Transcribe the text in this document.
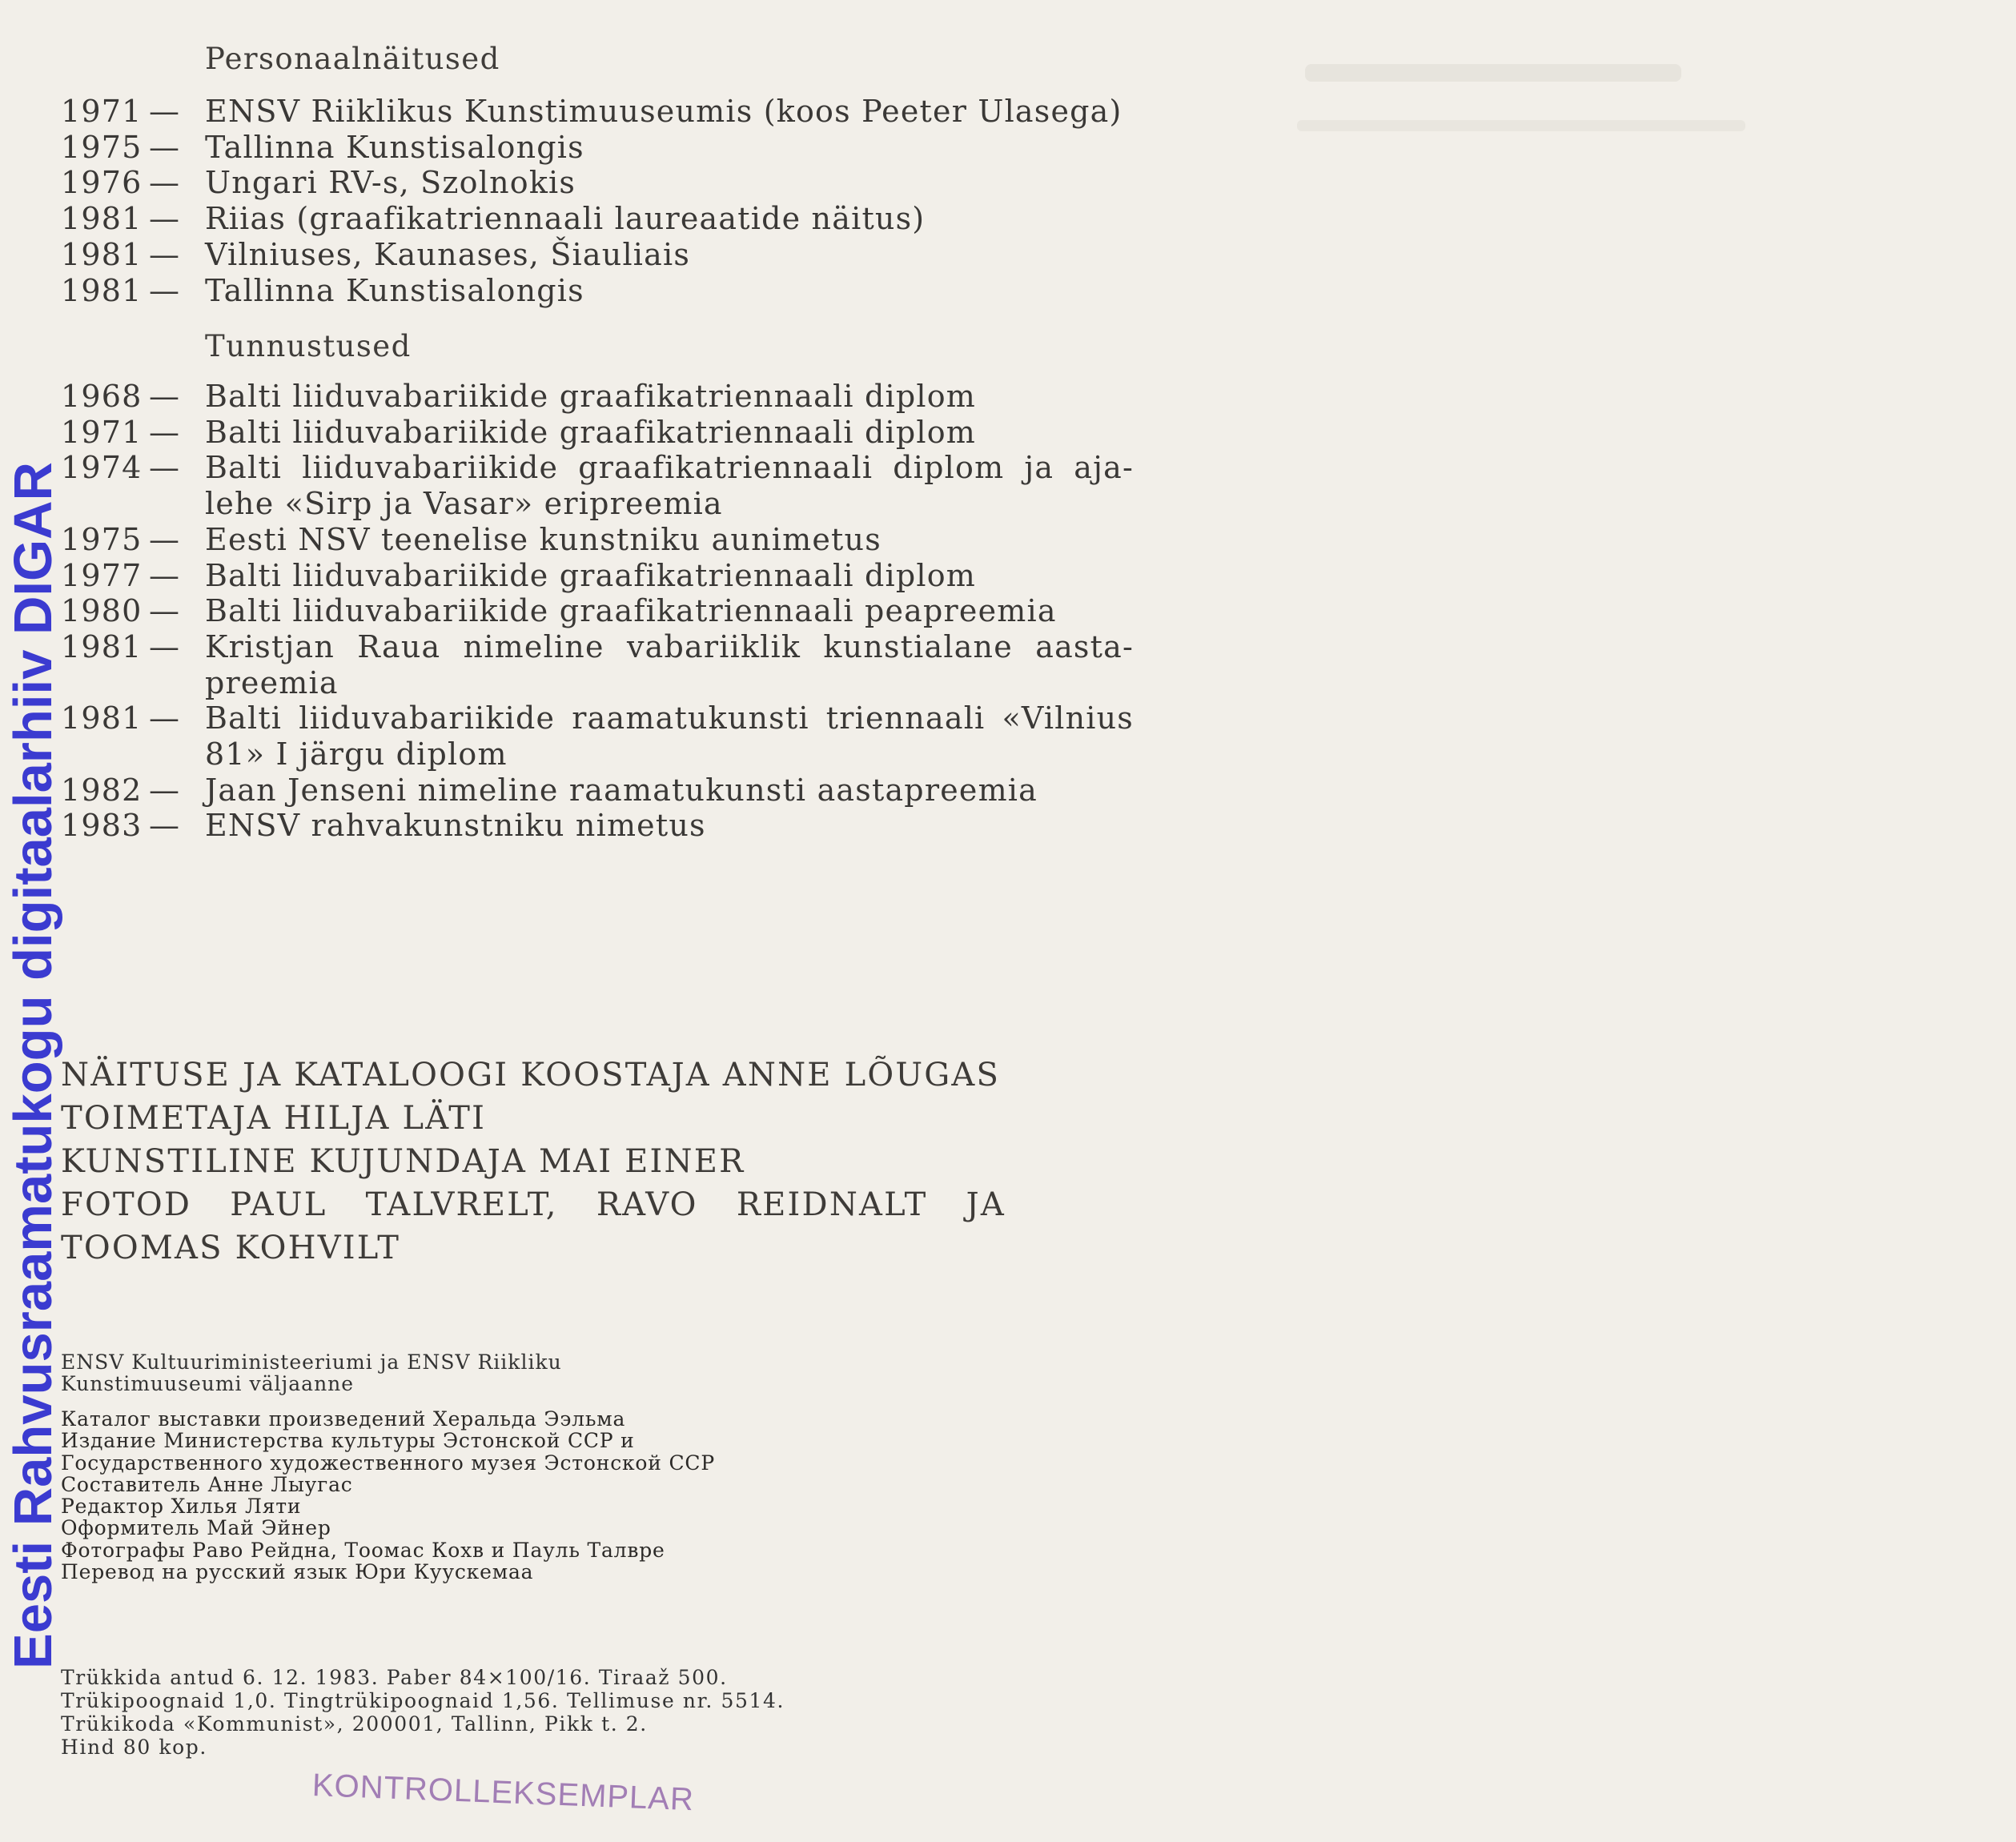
Eesti Rahvusraamatukogu digitaalarhiiv DIGAR
Personaalnäitused
1971 — ENSV Riiklikus Kunstimuuseumis (koos Peeter Ulasega)
1975 — Tallinna Kunstisalongis
1976 — Ungari RV-s, Szolnokis
1981 — Riias (graafikatriennaali laureaatide näitus)
1981 — Vilniuses, Kaunases, Šiauliais
1981 — Tallinna Kunstisalongis
Tunnustused
1968 — Balti liiduvabariikide graafikatriennaali diplom
1971 — Balti liiduvabariikide graafikatriennaali diplom
1974 — Balti liiduvabariikide graafikatriennaali diplom ja aja-lehe «Sirp ja Vasar» eripreemia
1975 — Eesti NSV teenelise kunstniku aunimetus
1977 — Balti liiduvabariikide graafikatriennaali diplom
1980 — Balti liiduvabariikide graafikatriennaali peapreemia
1981 — Kristjan Raua nimeline vabariiklik kunstialane aasta-preemia
1981 — Balti liiduvabariikide raamatukunsti triennaali «Vilnius 81» I järgu diplom
1982 — Jaan Jenseni nimeline raamatukunsti aastapreemia
1983 — ENSV rahvakunstniku nimetus
NÄITUSE JA KATALOOGI KOOSTAJA ANNE LÕUGAS
TOIMETAJA HILJA LÄTI
KUNSTILINE KUJUNDAJA MAI EINER
FOTOD PAUL TALVRELT, RAVO REIDNALT JA
TOOMAS KOHVILT
ENSV Kultuuriministeeriumi ja ENSV Riikliku
Kunstimuuseumi väljaanne
Каталог выставки произведений Херальда Ээльма
Издание Министерства культуры Эстонской ССР и
Государственного художественного музея Эстонской ССР
Составитель Анне Лыугас
Редактор Хилья Ляти
Оформитель Май Эйнер
Фотографы Раво Рейдна, Тоомас Кохв и Пауль Талвре
Перевод на русский язык Юри Куускемаа
Trükkida antud 6. 12. 1983. Paber 84×100/16. Tiraaž 500.
Trükipoognaid 1,0. Tingtrükipoognaid 1,56. Tellimuse nr. 5514.
Trükikoda «Kommunist», 200001, Tallinn, Pikk t. 2.
Hind 80 kop.
KONTROLLEKSEMPLAR
